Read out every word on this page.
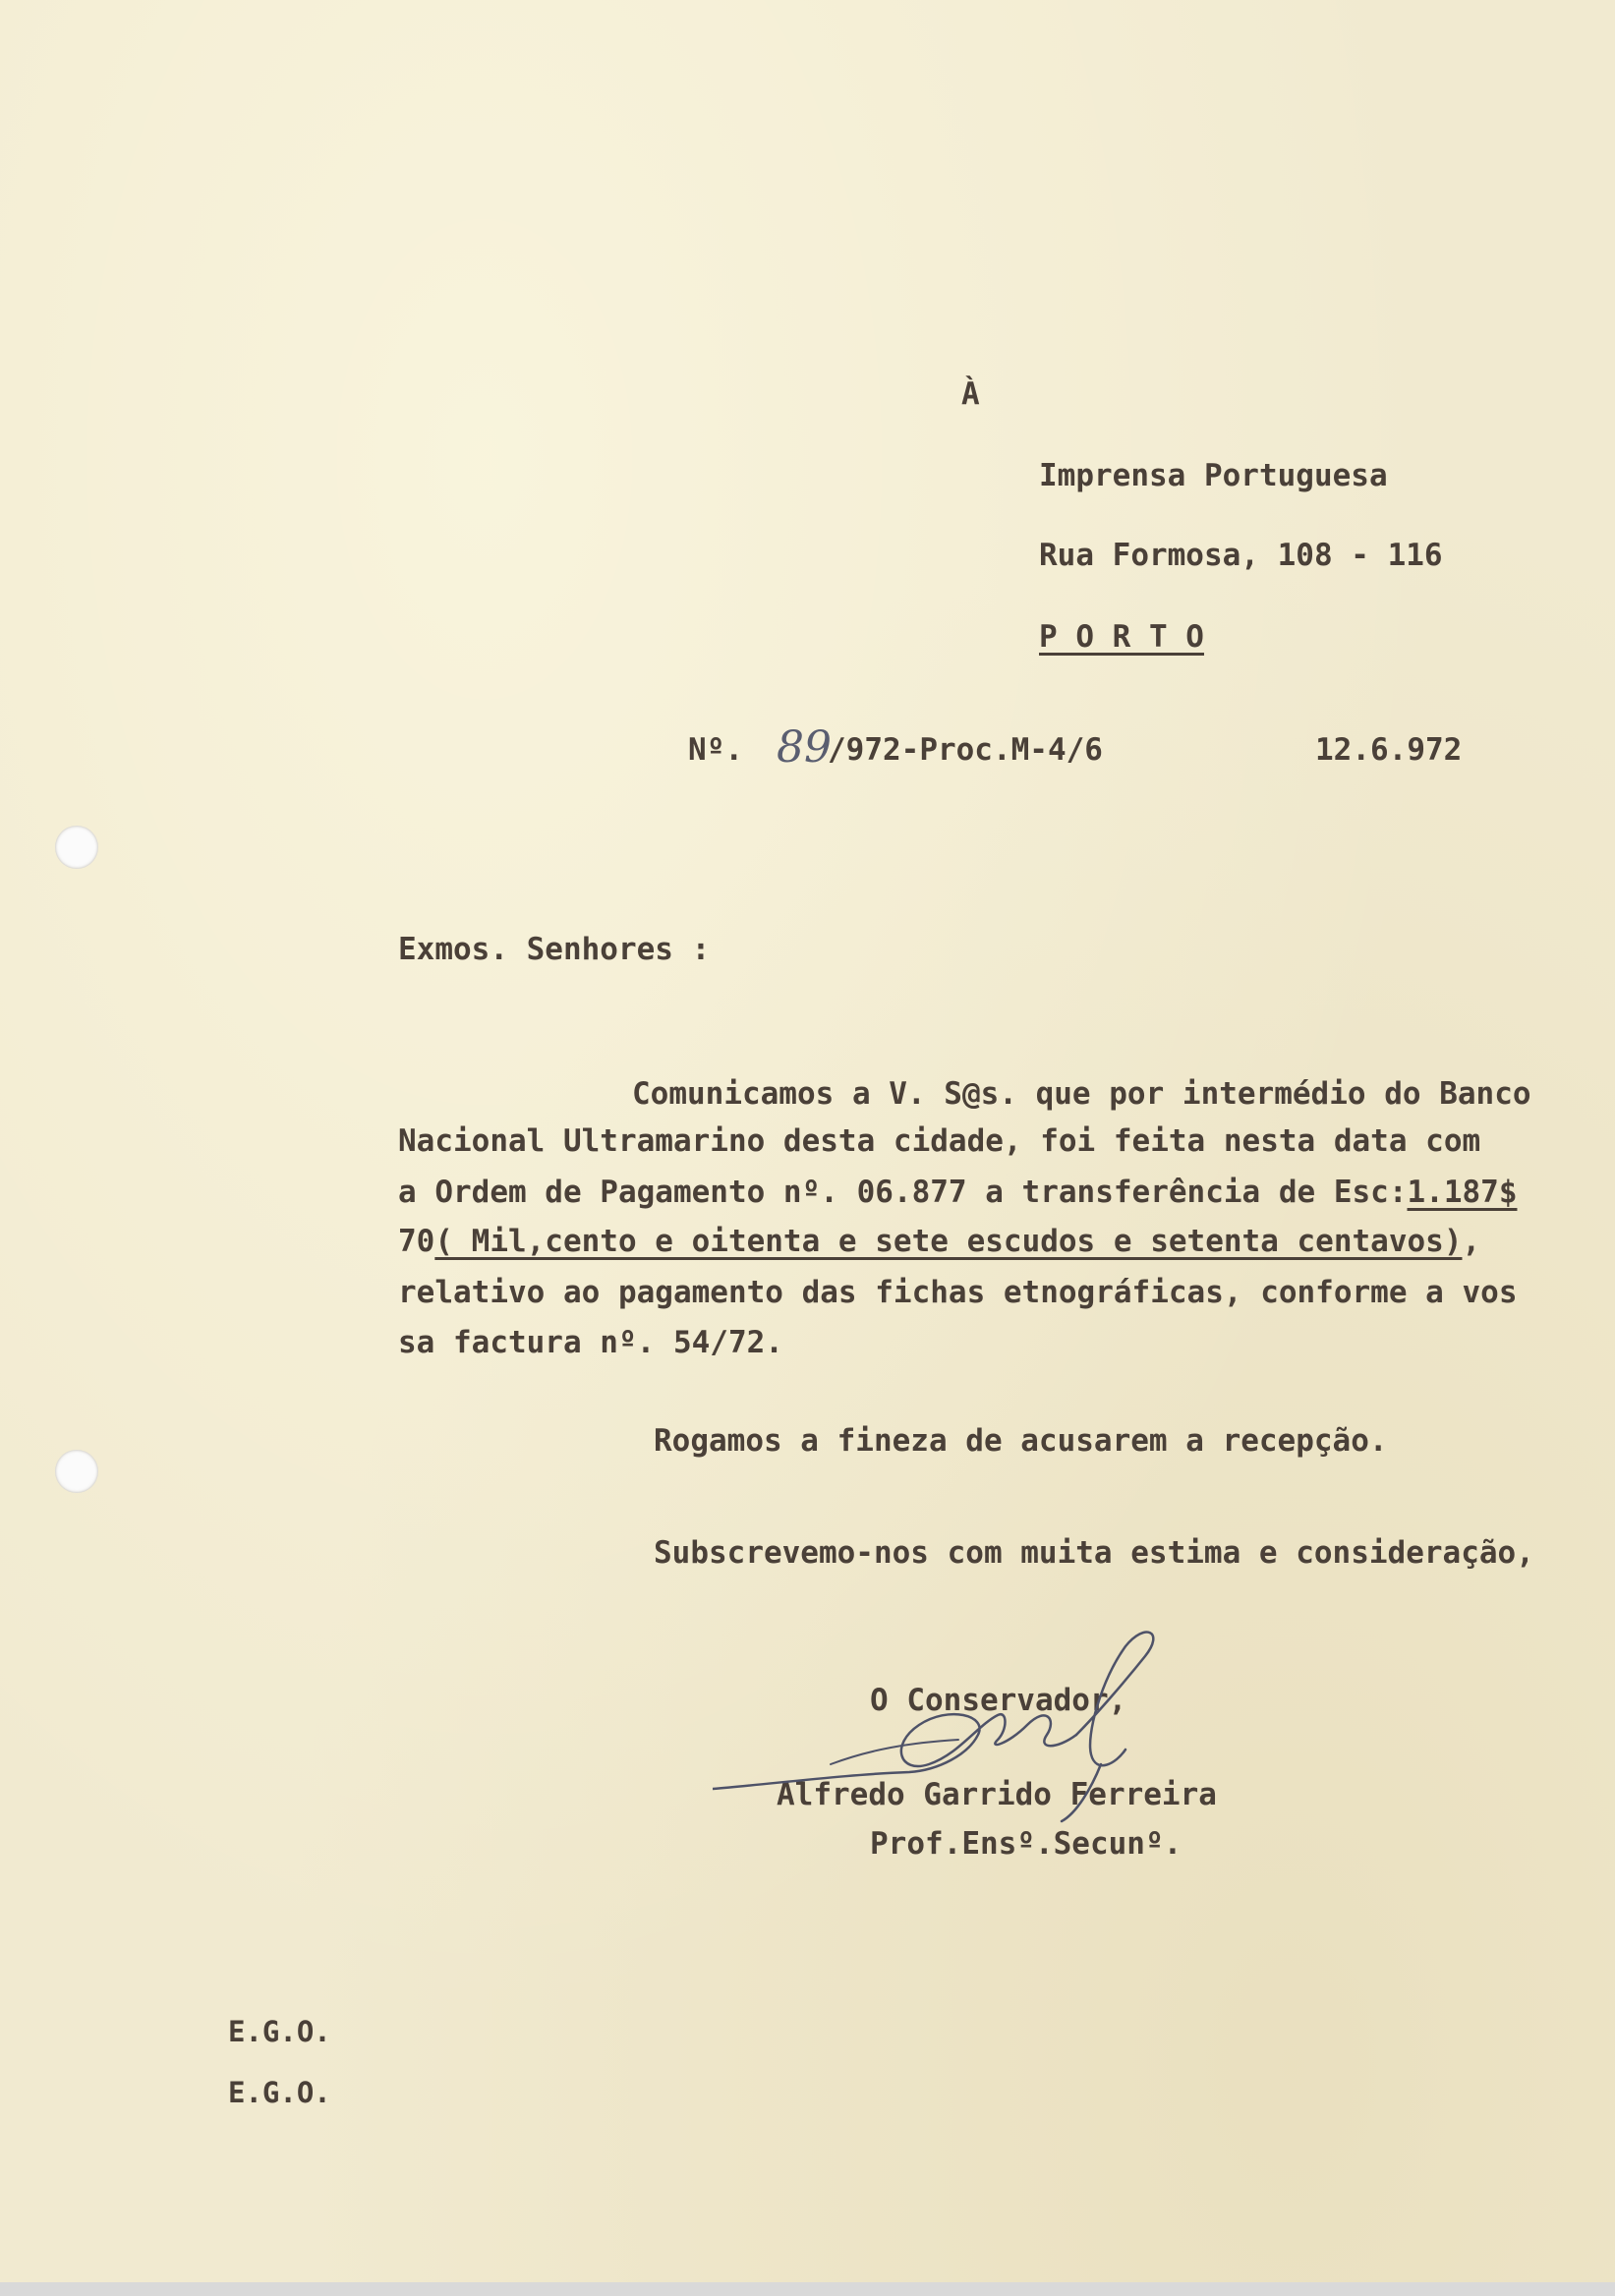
À
Imprensa Portuguesa
Rua Formosa, 108 - 116
P O R T O
Nº. 89
/972-Proc.M-4/6	12.6.972
Exmos. Senhores :
Comunicamos a V. S@s. que por intermédio do Banco
Nacional Ultramarino desta cidade, foi feita nesta data com
a Ordem de Pagamento nº. 06.877 a transferência de Esc:1.187$
70( Mil,cento e oitenta e sete escudos e setenta centavos),
relativo ao pagamento das fichas etnográficas, conforme a vos
sa factura nº. 54/72.
Rogamos a fineza de acusarem a recepção.
Subscrevemo-nos com muita estima e consideração,
O Conservador,
Alfredo Garrido Ferreira
Prof.Ensº.Secunº.
E.G.O.
E.G.O.
